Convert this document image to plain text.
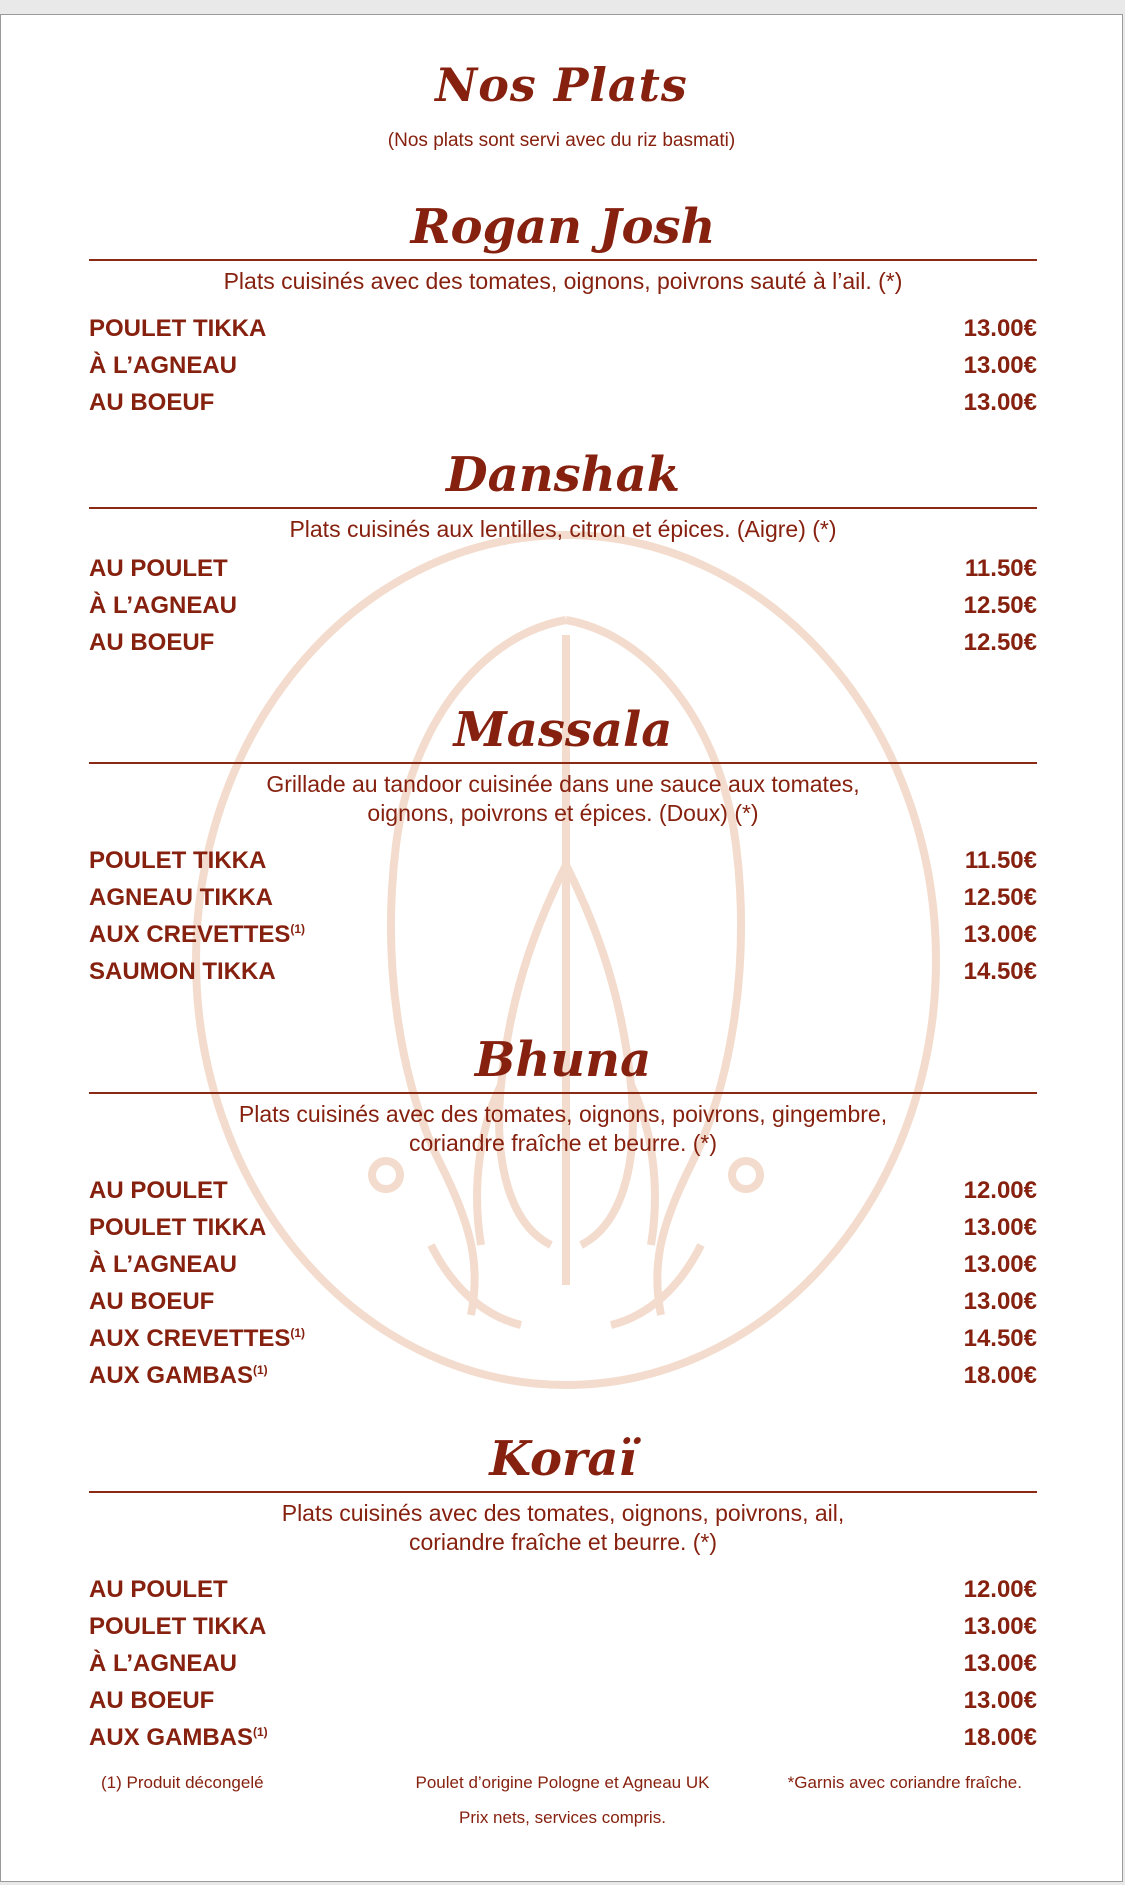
Nos Plats
(Nos plats sont servi avec du riz basmati)
Rogan Josh
Plats cuisinés avec des tomates, oignons, poivrons sauté à l’ail. (*)
POULET TIKKA	13.00€
À L’AGNEAU	13.00€
AU BOEUF	13.00€
Danshak
Plats cuisinés aux lentilles, citron et épices. (Aigre) (*)
AU POULET	11.50€
À L’AGNEAU	12.50€
AU BOEUF	12.50€
Massala
Grillade au tandoor cuisinée dans une sauce aux tomates,
oignons, poivrons et épices. (Doux) (*)
POULET TIKKA	11.50€
AGNEAU TIKKA	12.50€
AUX CREVETTES$^{(1)}$	13.00€
SAUMON TIKKA	14.50€
Bhuna
Plats cuisinés avec des tomates, oignons, poivrons, gingembre,
coriandre fraîche et beurre. (*)
AU POULET	12.00€
POULET TIKKA	13.00€
À L’AGNEAU	13.00€
AU BOEUF	13.00€
AUX CREVETTES$^{(1)}$	14.50€
AUX GAMBAS$^{(1)}$	18.00€
Koraï
Plats cuisinés avec des tomates, oignons, poivrons, ail,
coriandre fraîche et beurre. (*)
AU POULET	12.00€
POULET TIKKA	13.00€
À L’AGNEAU	13.00€
AU BOEUF	13.00€
AUX GAMBAS$^{(1)}$	18.00€
(1) Produit décongelé	Poulet d’origine Pologne et Agneau UK	*Garnis avec coriandre fraîche.
Prix nets, services compris.
